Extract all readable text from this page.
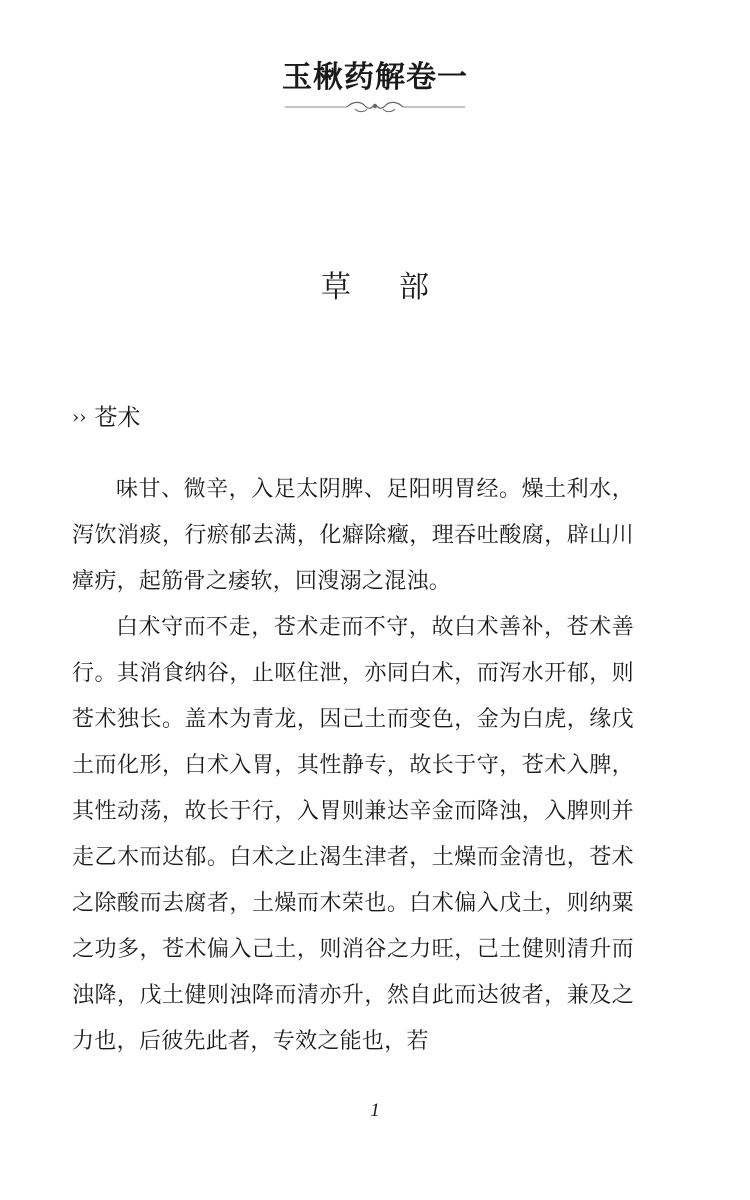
玉楸药解卷一
草 部
›› 苍术

味甘、微辛，入足太阴脾、足阳明胃经。燥土利水，泻饮消痰，行瘀郁去满，化癖除癥，理吞吐酸腐，辟山川瘴疠，起筋骨之痿软，回溲溺之混浊。

白术守而不走，苍术走而不守，故白术善补，苍术善行。其消食纳谷，止呕住泄，亦同白术，而泻水开郁，则苍术独长。盖木为青龙，因己土而变色，金为白虎，缘戊土而化形，白术入胃，其性静专，故长于守，苍术入脾，其性动荡，故长于行，入胃则兼达辛金而降浊，入脾则并走乙木而达郁。白术之止渴生津者，土燥而金清也，苍术之除酸而去腐者，土燥而木荣也。白术偏入戊土，则纳粟之功多，苍术偏入己土，则消谷之力旺，己土健则清升而浊降，戊土健则浊降而清亦升，然自此而达彼者，兼及之力也，后彼先此者，专效之能也，若

1
